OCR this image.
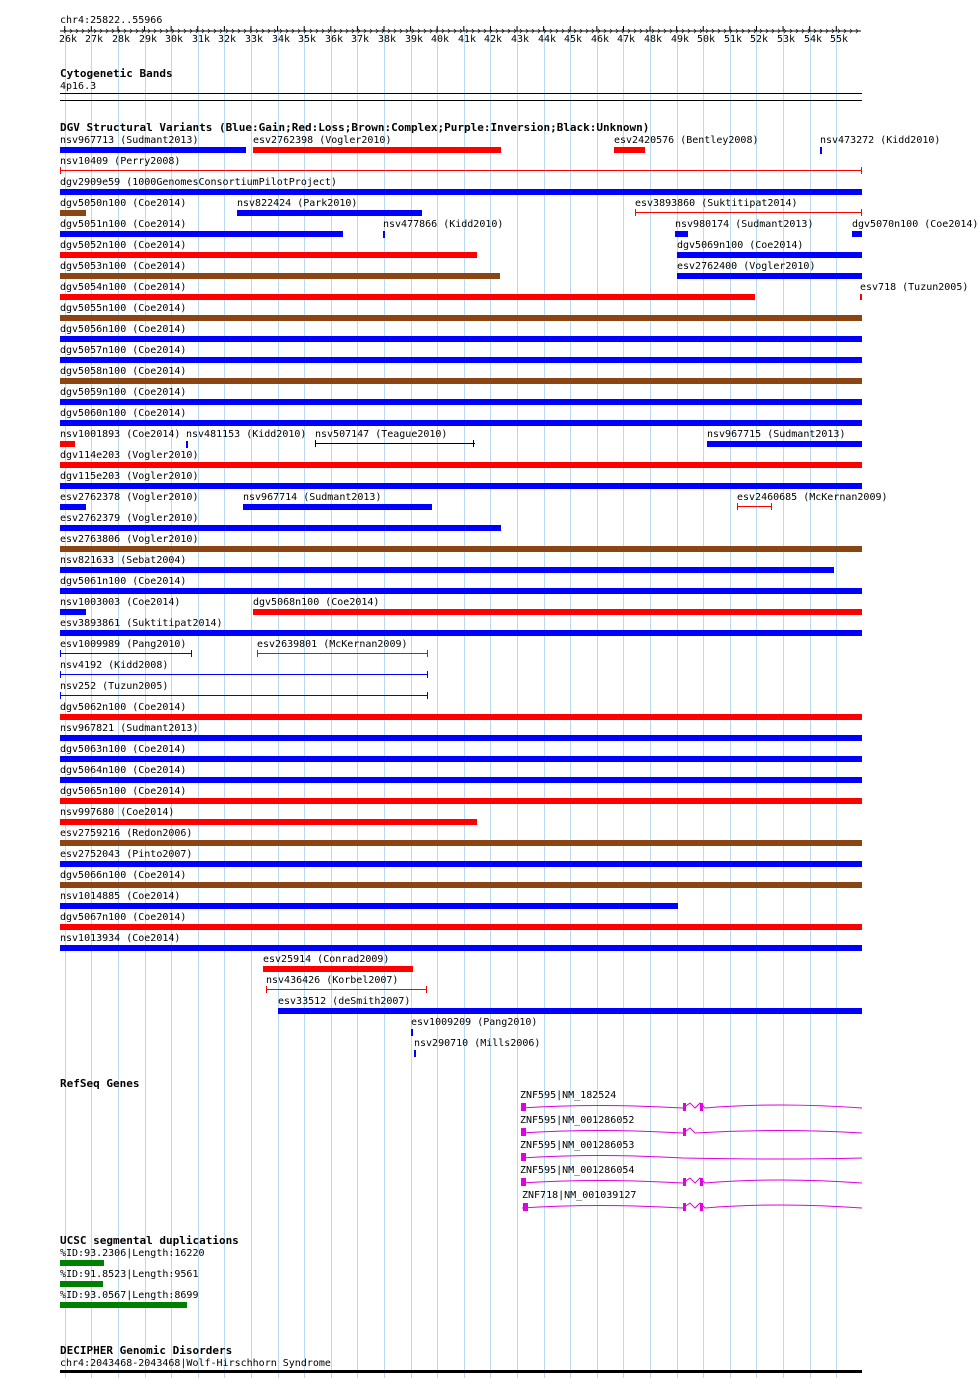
chr4:25822..55966
26k 27k 28k 29k 30k 31k 32k 33k 34k 35k 36k 37k 38k 39k 40k 41k 42k 43k 44k 45k 46k 47k 48k 49k 50k 51k 52k 53k 54k 55k
Cytogenetic Bands
4p16.3
DGV Structural Variants (Blue:Gain;Red:Loss;Brown:Complex;Purple:Inversion;Black:Unknown)
RefSeq Genes
UCSC segmental duplications
DECIPHER Genomic Disorders
chr4:2043468-2043468|Wolf-Hirschhorn Syndrome
nsv967713 (Sudmant2013)	esv2762398 (Vogler2010)	esv2420576 (Bentley2008)	nsv473272 (Kidd2010)
nsv10409 (Perry2008)
dgv2909e59 (1000GenomesConsortiumPilotProject)
dgv5050n100 (Coe2014)	nsv822424 (Park2010)	esv3893860 (Suktitipat2014)
dgv5051n100 (Coe2014)	nsv477866 (Kidd2010)	nsv980174 (Sudmant2013)	dgv5070n100 (Coe2014)
dgv5052n100 (Coe2014)	dgv5069n100 (Coe2014)
dgv5053n100 (Coe2014)	esv2762400 (Vogler2010)
dgv5054n100 (Coe2014)	esv718 (Tuzun2005)
dgv5055n100 (Coe2014)
dgv5056n100 (Coe2014)
dgv5057n100 (Coe2014)
dgv5058n100 (Coe2014)
dgv5059n100 (Coe2014)
dgv5060n100 (Coe2014)
nsv1001893 (Coe2014) nsv481153 (Kidd2010) nsv507147 (Teague2010)	nsv967715 (Sudmant2013)
dgv114e203 (Vogler2010)
dgv115e203 (Vogler2010)
esv2762378 (Vogler2010)	nsv967714 (Sudmant2013)	esv2460685 (McKernan2009)
esv2762379 (Vogler2010)
esv2763806 (Vogler2010)
nsv821633 (Sebat2004)
dgv5061n100 (Coe2014)
nsv1003003 (Coe2014)	dgv5068n100 (Coe2014)
esv3893861 (Suktitipat2014)
esv1009989 (Pang2010)	esv2639801 (McKernan2009)
nsv4192 (Kidd2008)
nsv252 (Tuzun2005)
dgv5062n100 (Coe2014)
nsv967821 (Sudmant2013)
dgv5063n100 (Coe2014)
dgv5064n100 (Coe2014)
dgv5065n100 (Coe2014)
nsv997680 (Coe2014)
esv2759216 (Redon2006)
esv2752043 (Pinto2007)
dgv5066n100 (Coe2014)
nsv1014885 (Coe2014)
dgv5067n100 (Coe2014)
nsv1013934 (Coe2014)
esv25914 (Conrad2009)
nsv436426 (Korbel2007)
esv33512 (deSmith2007)
esv1009209 (Pang2010)
nsv290710 (Mills2006)
ZNF595|NM_182524
ZNF595|NM_001286052
ZNF595|NM_001286053
ZNF595|NM_001286054
ZNF718|NM_001039127
%ID:93.2306|Length:16220
%ID:91.8523|Length:9561
%ID:93.0567|Length:8699
